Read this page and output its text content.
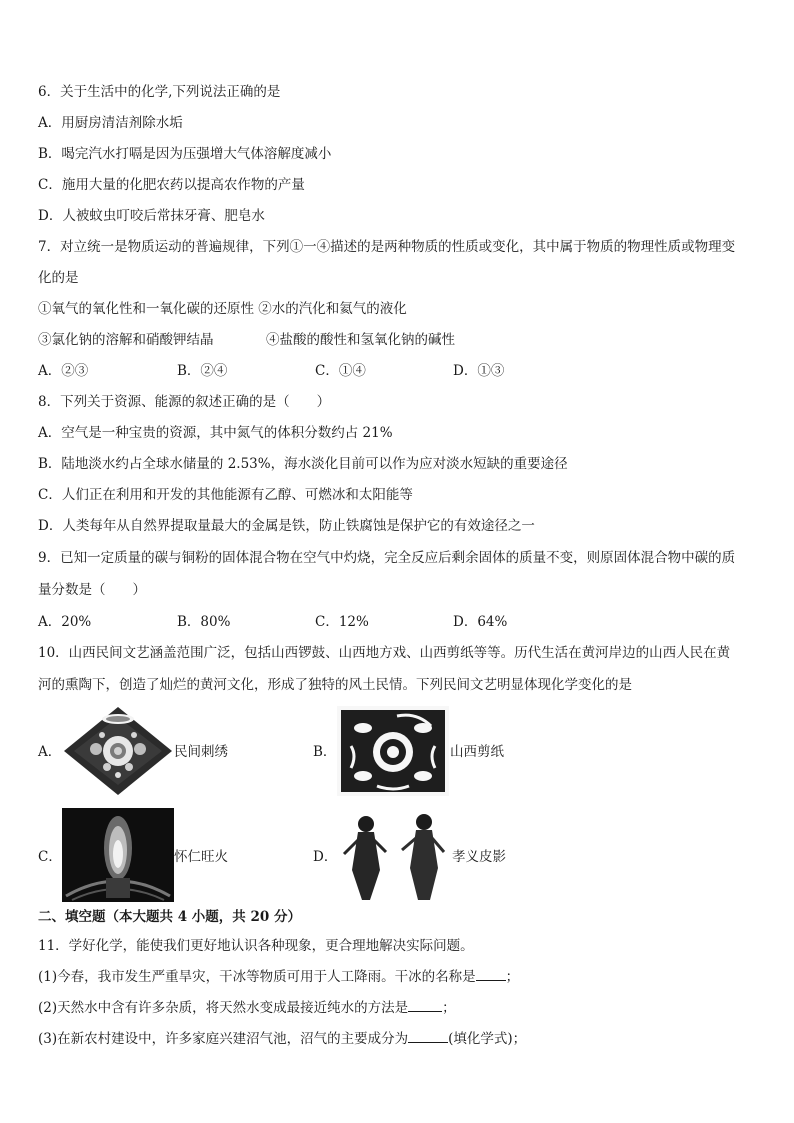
6．关于生活中的化学,下列说法正确的是
A．用厨房清洁剂除水垢
B．喝完汽水打嗝是因为压强增大气体溶解度减小
C．施用大量的化肥农药以提高农作物的产量
D．人被蚊虫叮咬后常抹牙膏、肥皂水
7．对立统一是物质运动的普遍规律，下列①一④描述的是两种物质的性质或变化，其中属于物质的物理性质或物理变
化的是
①氧气的氧化性和一氧化碳的还原性 ②水的汽化和氦气的液化
③氯化钠的溶解和硝酸钾结晶	④盐酸的酸性和氢氧化钠的碱性
A．②③	B．②④	C．①④	D．①③
8．下列关于资源、能源的叙述正确的是（　　）
A．空气是一种宝贵的资源，其中氮气的体积分数约占 21%
B．陆地淡水约占全球水储量的 2.53%，海水淡化目前可以作为应对淡水短缺的重要途径
C．人们正在利用和开发的其他能源有乙醇、可燃冰和太阳能等
D．人类每年从自然界提取量最大的金属是铁，防止铁腐蚀是保护它的有效途径之一
9．已知一定质量的碳与铜粉的固体混合物在空气中灼烧，完全反应后剩余固体的质量不变，则原固体混合物中碳的质
量分数是（　　）
A．20%	B．80%	C．12%	D．64%
10．山西民间文艺涵盖范围广泛，包括山西锣鼓、山西地方戏、山西剪纸等等。历代生活在黄河岸边的山西人民在黄
河的熏陶下，创造了灿烂的黄河文化，形成了独特的风土民情。下列民间文艺明显体现化学变化的是
A．	民间刺绣	B．	山西剪纸
C．	怀仁旺火	D．	孝义皮影
二、填空题（本大题共 4 小题，共 20 分）
11．学好化学，能使我们更好地认识各种现象，更合理地解决实际问题。
(1)今春，我市发生严重旱灾，干冰等物质可用于人工降雨。干冰的名称是 ；
(2)天然水中含有许多杂质，将天然水变成最接近纯水的方法是	；
(3)在新农村建设中，许多家庭兴建沼气池，沼气的主要成分为	(填化学式)；
